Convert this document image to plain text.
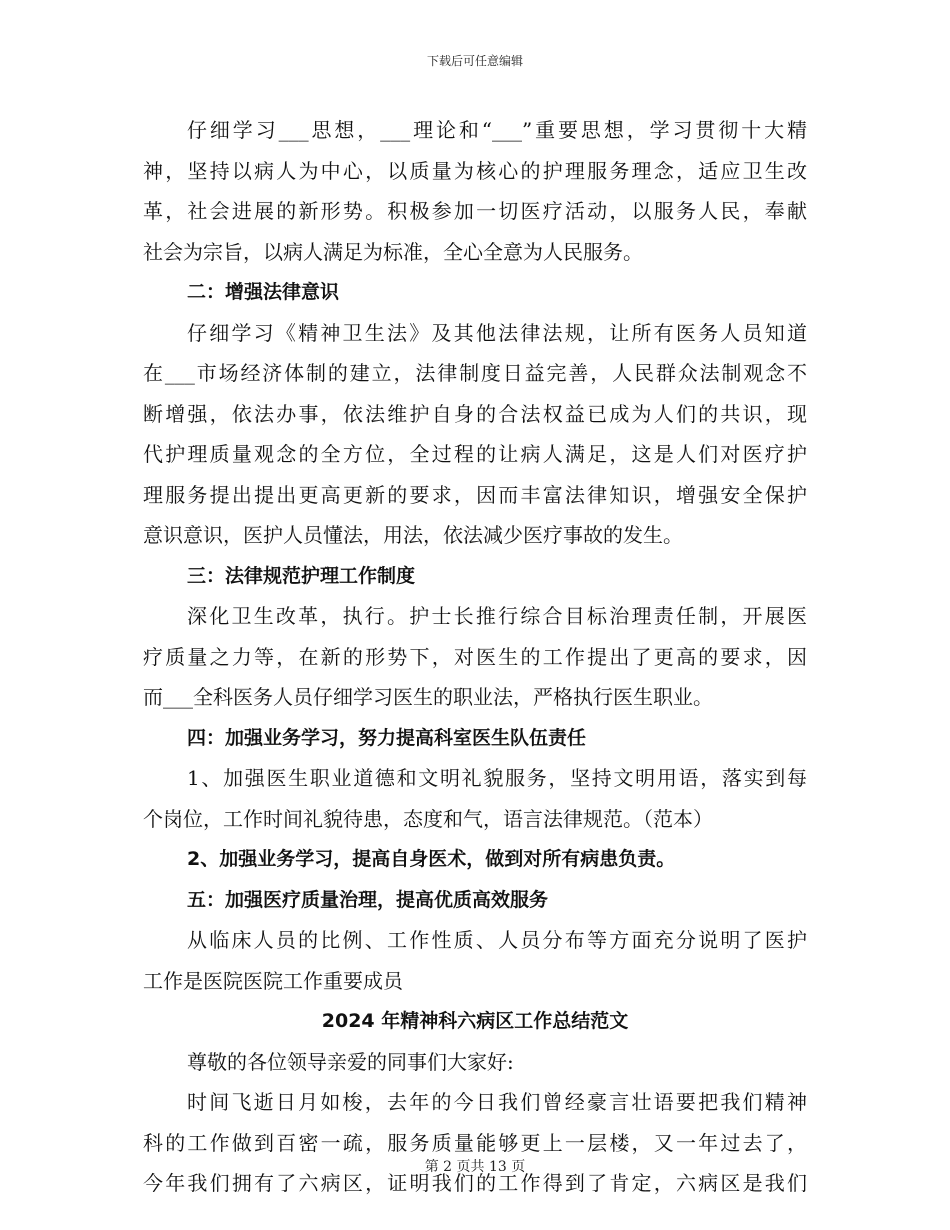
下载后可任意编辑
仔细学习___思想，___理论和“___”重要思想，学习贯彻十大精
神，坚持以病人为中心，以质量为核心的护理服务理念，适应卫生改
革，社会进展的新形势。积极参加一切医疗活动，以服务人民，奉献
社会为宗旨，以病人满足为标准，全心全意为人民服务。
二：增强法律意识
仔细学习《精神卫生法》及其他法律法规，让所有医务人员知道
在___市场经济体制的建立，法律制度日益完善，人民群众法制观念不
断增强，依法办事，依法维护自身的合法权益已成为人们的共识，现
代护理质量观念的全方位，全过程的让病人满足，这是人们对医疗护
理服务提出提出更高更新的要求，因而丰富法律知识，增强安全保护
意识意识，医护人员懂法，用法，依法减少医疗事故的发生。
三：法律规范护理工作制度
深化卫生改革，执行。护士长推行综合目标治理责任制，开展医
疗质量之力等，在新的形势下，对医生的工作提出了更高的要求，因
而___全科医务人员仔细学习医生的职业法，严格执行医生职业。
四：加强业务学习，努力提高科室医生队伍责任
1、加强医生职业道德和文明礼貌服务，坚持文明用语，落实到每
个岗位，工作时间礼貌待患，态度和气，语言法律规范。（范本）
2、加强业务学习，提高自身医术，做到对所有病患负责。
五：加强医疗质量治理，提高优质高效服务
从临床人员的比例、工作性质、人员分布等方面充分说明了医护
工作是医院医院工作重要成员
2024 年精神科六病区工作总结范文
尊敬的各位领导亲爱的同事们大家好:
时间飞逝日月如梭，去年的今日我们曾经豪言壮语要把我们精神
科的工作做到百密一疏，服务质量能够更上一层楼，又一年过去了，
今年我们拥有了六病区，证明我们的工作得到了肯定，六病区是我们
第 2 页共 13 页
